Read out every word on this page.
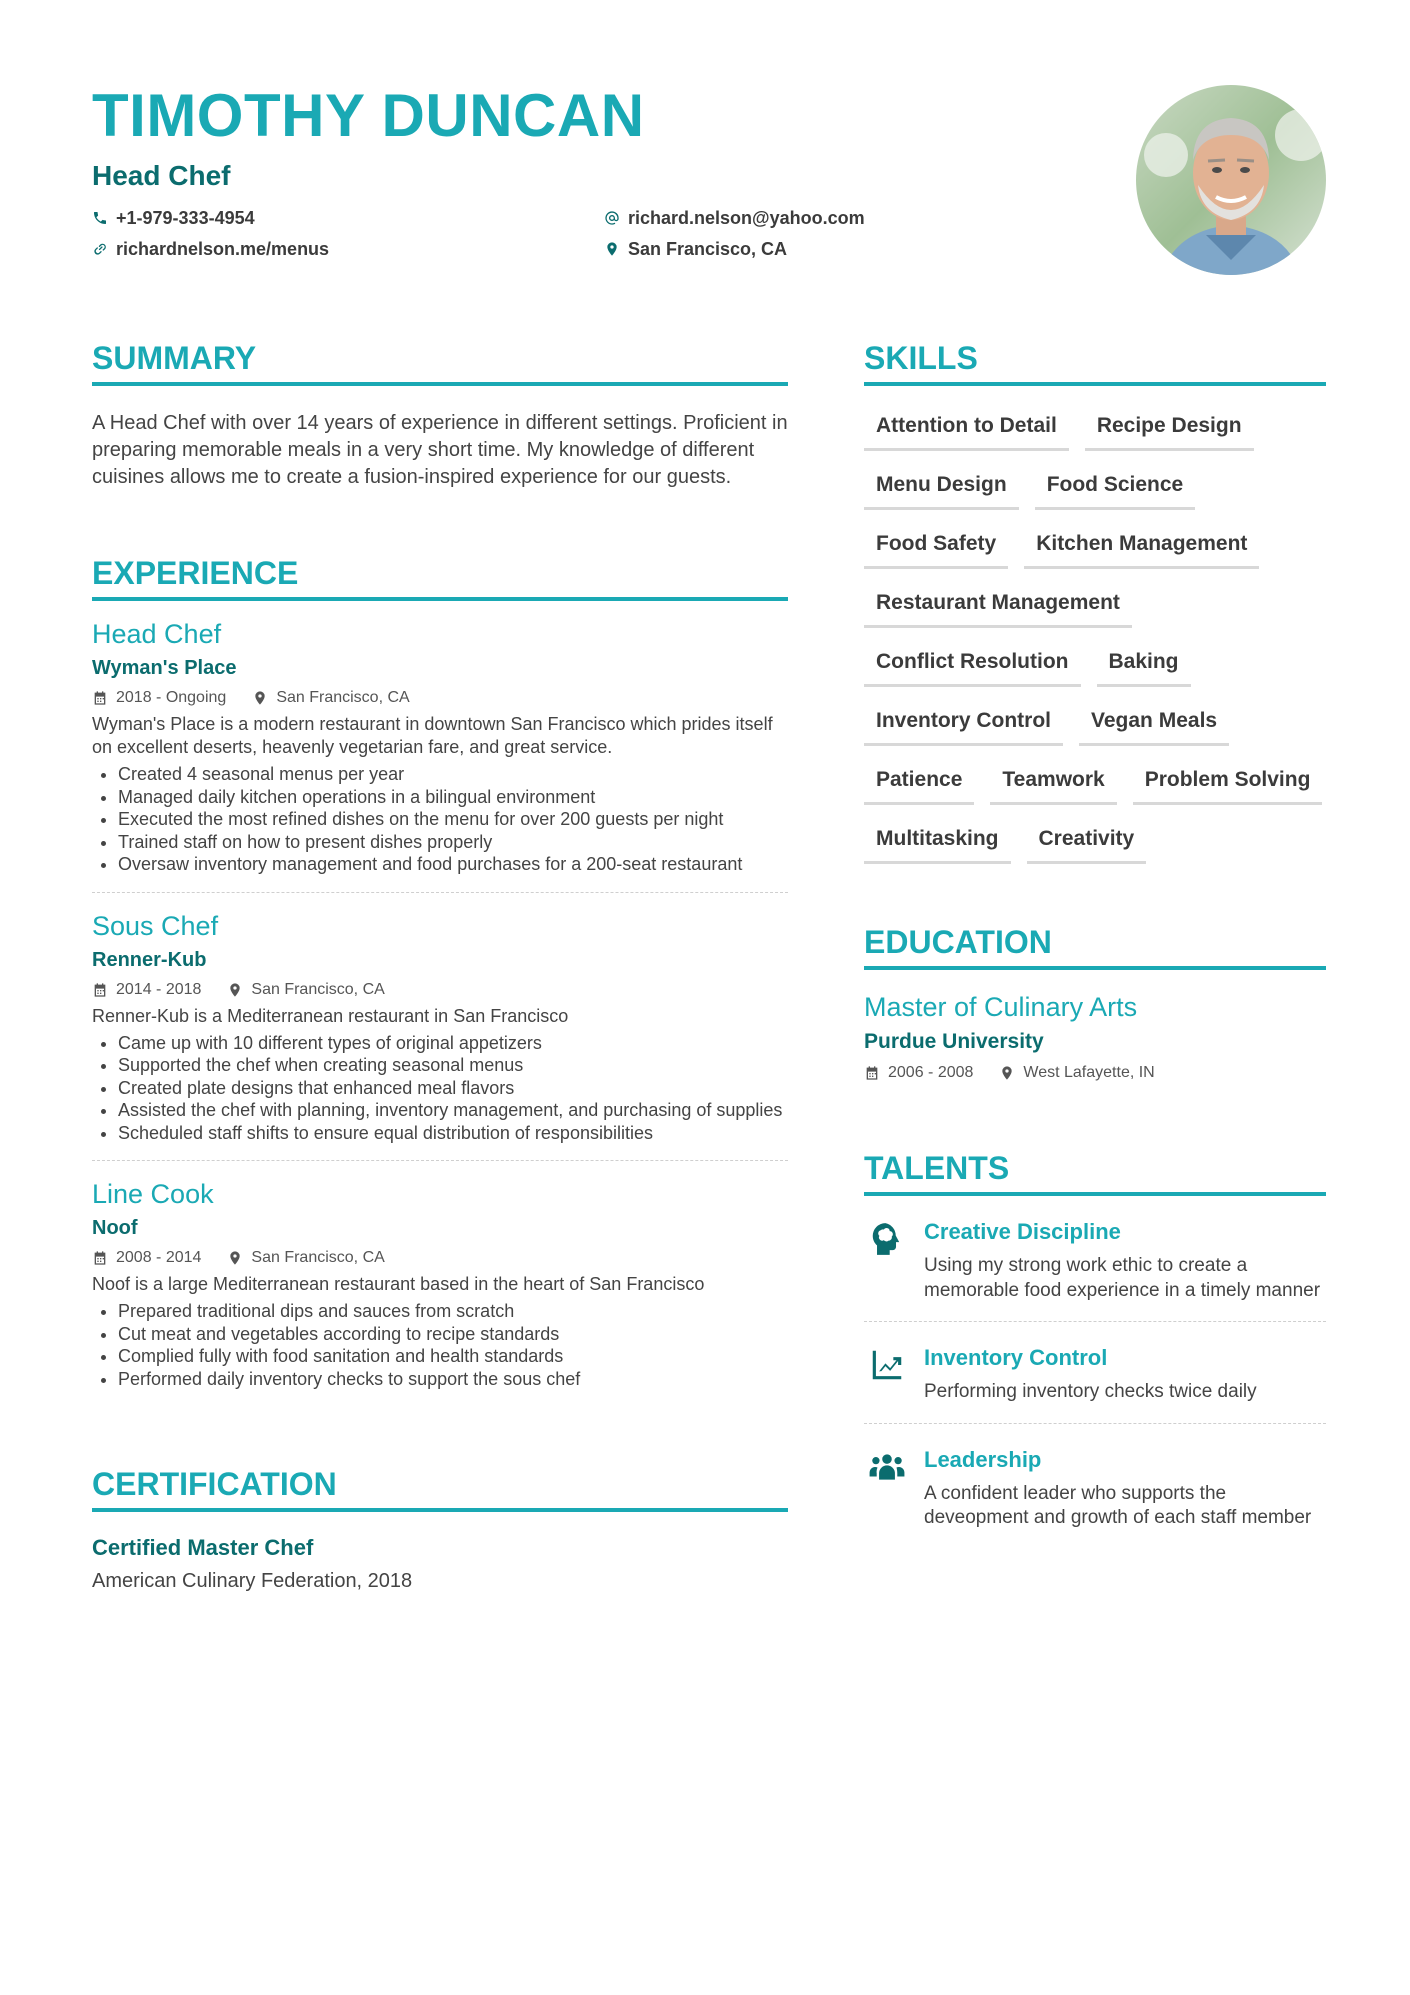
TIMOTHY DUNCAN
Head Chef
+1-979-333-4954
richardnelson.me/menus
richard.nelson@yahoo.com
San Francisco, CA
SUMMARY
A Head Chef with over 14 years of experience in different settings. Proficient in preparing memorable meals in a very short time. My knowledge of different cuisines allows me to create a fusion-inspired experience for our guests.
EXPERIENCE
Head Chef
Wyman's Place
2018 - Ongoing	San Francisco, CA
Wyman's Place is a modern restaurant in downtown San Francisco which prides itself on excellent deserts, heavenly vegetarian fare, and great service.
• Created 4 seasonal menus per year
• Managed daily kitchen operations in a bilingual environment
• Executed the most refined dishes on the menu for over 200 guests per night
• Trained staff on how to present dishes properly
• Oversaw inventory management and food purchases for a 200-seat restaurant
Sous Chef
Renner-Kub
2014 - 2018	San Francisco, CA
Renner-Kub is a Mediterranean restaurant in San Francisco
• Came up with 10 different types of original appetizers
• Supported the chef when creating seasonal menus
• Created plate designs that enhanced meal flavors
• Assisted the chef with planning, inventory management, and purchasing of supplies
• Scheduled staff shifts to ensure equal distribution of responsibilities
Line Cook
Noof
2008 - 2014	San Francisco, CA
Noof is a large Mediterranean restaurant based in the heart of San Francisco
• Prepared traditional dips and sauces from scratch
• Cut meat and vegetables according to recipe standards
• Complied fully with food sanitation and health standards
• Performed daily inventory checks to support the sous chef
CERTIFICATION
Certified Master Chef
American Culinary Federation, 2018
SKILLS
Attention to Detail	Recipe Design
Menu Design	Food Science
Food Safety	Kitchen Management
Restaurant Management
Conflict Resolution	Baking
Inventory Control	Vegan Meals
Patience	Teamwork	Problem Solving
Multitasking	Creativity
EDUCATION
Master of Culinary Arts
Purdue University
2006 - 2008	West Lafayette, IN
TALENTS
Creative Discipline
Using my strong work ethic to create a memorable food experience in a timely manner
Inventory Control
Performing inventory checks twice daily
Leadership
A confident leader who supports the deveopment and growth of each staff member
